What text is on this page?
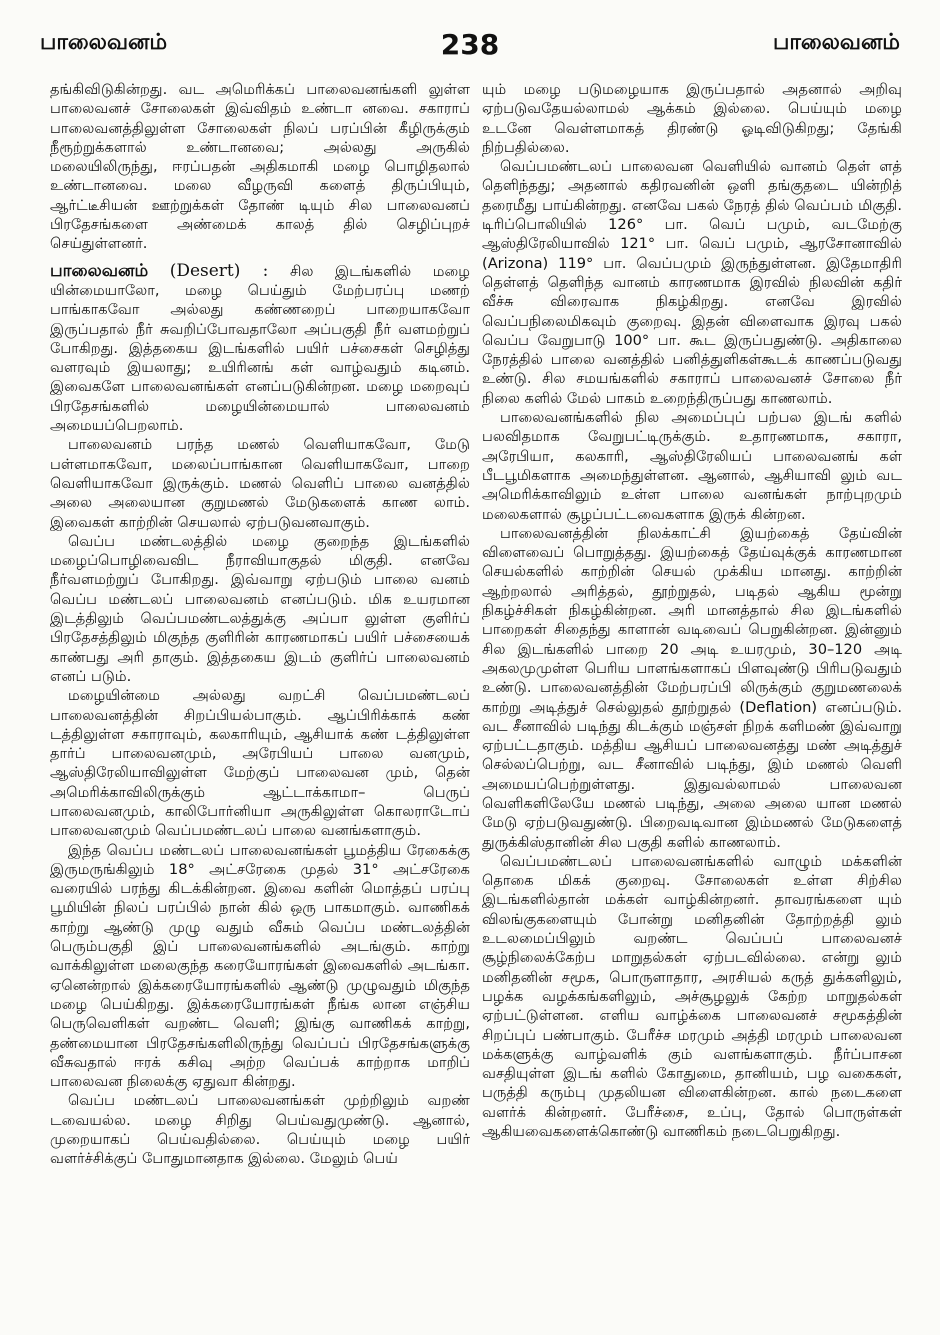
பாலைவனம்	238	பாலைவனம்

தங்கிவிடுகின்றது. வட அமெரிக்கப் பாலைவனங்களி லுள்ள பாலைவனச் சோலைகள் இவ்விதம் உண்டா னவை. சகாராப் பாலைவனத்திலுள்ள சோலைகள் நிலப் பரப்பின் கீழிருக்கும் நீரூற்றுக்களால் உண்டானவை; அல்லது அருகில் மலையிலிருந்து, ஈரப்பதன் அதிகமாகி மழை பொழிதலால் உண்டானவை. மலை வீழருவி களைத் திருப்பியும், ஆர்ட்டீசியன் ஊற்றுக்கள் தோண் டியும் சில பாலைவனப் பிரதேசங்களை அண்மைக் காலத் தில் செழிப்புறச் செய்துள்ளனர்.

பாலைவனம் (Desert) : சில இடங்களில் மழை யின்மையாலோ, மழை பெய்தும் மேற்பரப்பு மணற் பாங்காகவோ அல்லது கண்ணறைப் பாறையாகவோ இருப்பதால் நீர் சுவறிப்போவதாலோ அப்பகுதி நீர் வளமற்றுப் போகிறது. இத்தகைய இடங்களில் பயிர் பச்சைகள் செழித்து வளரவும் இயலாது; உயிரினங் கள் வாழ்வதும் கடினம். இவைகளே பாலைவனங்கள் எனப்படுகின்றன. மழை மறைவுப் பிரதேசங்களில் மழையின்மையால் பாலைவனம் அமையப்பெறலாம்.

பாலைவனம் பரந்த மணல் வெளியாகவோ, மேடு பள்ளமாகவோ, மலைப்பாங்கான வெளியாகவோ, பாறை வெளியாகவோ இருக்கும். மணல் வெளிப் பாலை வனத்தில் அலை அலையான குறுமணல் மேடுகளைக் காண லாம். இவைகள் காற்றின் செயலால் ஏற்படுவனவாகும்.

வெப்ப மண்டலத்தில் மழை குறைந்த இடங்களில் மழைப்பொழிவைவிட நீராவியாகுதல் மிகுதி. எனவே நீர்வளமற்றுப் போகிறது. இவ்வாறு ஏற்படும் பாலை வனம் வெப்ப மண்டலப் பாலைவனம் எனப்படும். மிக உயரமான இடத்திலும் வெப்பமண்டலத்துக்கு அப்பா லுள்ள குளிர்ப் பிரதேசத்திலும் மிகுந்த குளிரின் காரணமாகப் பயிர் பச்சையைக் காண்பது அரி தாகும். இத்தகைய இடம் குளிர்ப் பாலைவனம் எனப் படும்.

மழையின்மை அல்லது வறட்சி வெப்பமண்டலப் பாலைவனத்தின் சிறப்பியல்பாகும். ஆப்பிரிக்காக் கண் டத்திலுள்ள சகாராவும், கலகாரியும், ஆசியாக் கண் டத்திலுள்ள தார்ப் பாலைவனமும், அரேபியப் பாலை வனமும், ஆஸ்திரேலியாவிலுள்ள மேற்குப் பாலைவன மும், தென் அமெரிக்காவிலிருக்கும் ஆட்டாக்காமா– பெருப் பாலைவனமும், காலிபோர்னியா அருகிலுள்ள கொலராடோப் பாலைவனமும் வெப்பமண்டலப் பாலை வனங்களாகும்.

இந்த வெப்ப மண்டலப் பாலைவனங்கள் பூமத்திய ரேகைக்கு இருமருங்கிலும் 18° அட்சரேகை முதல் 31° அட்சரேகை வரையில் பரந்து கிடக்கின்றன. இவை களின் மொத்தப் பரப்பு பூமியின் நிலப் பரப்பில் நான் கில் ஒரு பாகமாகும். வாணிகக் காற்று ஆண்டு முழு வதும் வீசும் வெப்ப மண்டலத்தின் பெரும்பகுதி இப் பாலைவனங்களில் அடங்கும். காற்று வாக்கிலுள்ள மலைகுந்த கரையோரங்கள் இவைகளில் அடங்கா. ஏனென்றால் இக்கரையோரங்களில் ஆண்டு முழுவதும் மிகுந்த மழை பெய்கிறது. இக்கரையோரங்கள் நீங்க லான எஞ்சிய பெருவெளிகள் வறண்ட வெளி; இங்கு வாணிகக் காற்று, தண்மையான பிரதேசங்களிலிருந்து வெப்பப் பிரதேசங்களுக்கு வீசுவதால் ஈரக் கசிவு அற்ற வெப்பக் காற்றாக மாறிப் பாலைவன நிலைக்கு ஏதுவா கின்றது.

வெப்ப மண்டலப் பாலைவனங்கள் முற்றிலும் வறண் டவையல்ல. மழை சிறிது பெய்வதுமுண்டு. ஆனால், முறையாகப் பெய்வதில்லை. பெய்யும் மழை பயிர் வளர்ச்சிக்குப் போதுமானதாக இல்லை. மேலும் பெய்

யும் மழை படுமழையாக இருப்பதால் அதனால் அறிவு ஏற்படுவதேயல்லாமல் ஆக்கம் இல்லை. பெய்யும் மழை உடனே வெள்ளமாகத் திரண்டு ஓடிவிடுகிறது; தேங்கி நிற்பதில்லை.

வெப்பமண்டலப் பாலைவன வெளியில் வானம் தெள் ளத் தெளிந்தது; அதனால் கதிரவனின் ஒளி தங்குதடை யின்றித் தரைமீது பாய்கின்றது. எனவே பகல் நேரத் தில் வெப்பம் மிகுதி. டிரிப்பொலியில் 126° பா. வெப் பமும், வடமேற்கு ஆஸ்திரேலியாவில் 121° பா. வெப் பமும், ஆரசோனாவில் (Arizona) 119° பா. வெப்பமும் இருந்துள்ளன. இதேமாதிரி தெள்ளத் தெளிந்த வானம் காரணமாக இரவில் நிலவின் கதிர் வீச்சு விரைவாக நிகழ்கிறது. எனவே இரவில் வெப்பநிலைமிகவும் குறைவு. இதன் விளைவாக இரவு பகல் வெப்ப வேறுபாடு 100° பா. கூட இருப்பதுண்டு. அதிகாலை நேரத்தில் பாலை வனத்தில் பனித்துளிகள்கூடக் காணப்படுவது உண்டு. சில சமயங்களில் சகாராப் பாலைவனச் சோலை நீர் நிலை களில் மேல் பாகம் உறைந்திருப்பது காணலாம்.

பாலைவனங்களில் நில அமைப்புப் பற்பல இடங் களில் பலவிதமாக வேறுபட்டிருக்கும். உதாரணமாக, சகாரா, அரேபியா, கலகாரி, ஆஸ்திரேலியப் பாலைவனங் கள் பீடபூமிகளாக அமைந்துள்ளன. ஆனால், ஆசியாவி லும் வட அமெரிக்காவிலும் உள்ள பாலை வனங்கள் நாற்புறமும் மலைகளால் சூழப்பட்டவைகளாக இருக் கின்றன.

பாலைவனத்தின் நிலக்காட்சி இயற்கைத் தேய்வின் விளைவைப் பொறுத்தது. இயற்கைத் தேய்வுக்குக் காரணமான செயல்களில் காற்றின் செயல் முக்கிய மானது. காற்றின் ஆற்றலால் அரித்தல், தூற்றுதல், படிதல் ஆகிய மூன்று நிகழ்ச்சிகள் நிகழ்கின்றன. அரி மானத்தால் சில இடங்களில் பாறைகள் சிதைந்து காளான் வடிவைப் பெறுகின்றன. இன்னும் சில இடங்களில் பாறை 20 அடி உயரமும், 30–120 அடி அகலமுமுள்ள பெரிய பாளங்களாகப் பிளவுண்டு பிரிபடுவதும் உண்டு. பாலைவனத்தின் மேற்பரப்பி லிருக்கும் குறுமணலைக் காற்று அடித்துச் செல்லுதல் தூற்றுதல் (Deflation) எனப்படும். வட சீனாவில் படிந்து கிடக்கும் மஞ்சள் நிறக் களிமண் இவ்வாறு ஏற்பட்டதாகும். மத்திய ஆசியப் பாலைவனத்து மண் அடித்துச் செல்லப்பெற்று, வட சீனாவில் படிந்து, இம் மணல் வெளி அமையப்பெற்றுள்ளது. இதுவல்லாமல் பாலைவன வெளிகளிலேயே மணல் படிந்து, அலை அலை யான மணல் மேடு ஏற்படுவதுண்டு. பிறைவடிவான இம்மணல் மேடுகளைத் துருக்கிஸ்தானின் சில பகுதி களில் காணலாம்.

வெப்பமண்டலப் பாலைவனங்களில் வாழும் மக்களின் தொகை மிகக் குறைவு. சோலைகள் உள்ள சிற்சில இடங்களில்தான் மக்கள் வாழ்கின்றனர். தாவரங்களை யும் விலங்குகளையும் போன்று மனிதனின் தோற்றத்தி லும் உடலமைப்பிலும் வறண்ட வெப்பப் பாலைவனச் சூழ்நிலைக்கேற்ப மாறுதல்கள் ஏற்படவில்லை. என்று லும் மனிதனின் சமூக, பொருளாதார, அரசியல் கருத் துக்களிலும், பழக்க வழக்கங்களிலும், அச்சூழலுக் கேற்ற மாறுதல்கள் ஏற்பட்டுள்ளன. எளிய வாழ்க்கை பாலைவனச் சமூகத்தின் சிறப்புப் பண்பாகும். பேரீச்ச மரமும் அத்தி மரமும் பாலைவன மக்களுக்கு வாழ்வளிக் கும் வளங்களாகும். நீர்ப்பாசன வசதியுள்ள இடங் களில் கோதுமை, தானியம், பழ வகைகள், பருத்தி கரும்பு முதலியன விளைகின்றன. கால் நடைகளை வளர்க் கின்றனர். பேரீச்சை, உப்பு, தோல் பொருள்கள் ஆகியவைகளைக்கொண்டு வாணிகம் நடைபெறுகிறது.
